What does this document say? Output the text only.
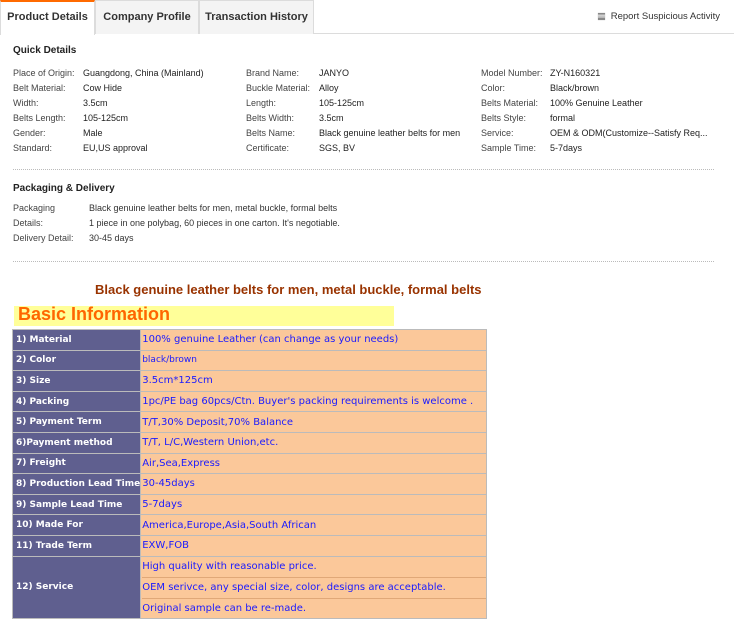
Product Details	Company Profile	Transaction History	Report Suspicious Activity
Quick Details
Place of Origin: Guangdong, China (Mainland)
Belt Material: Cow Hide
Width:	3.5cm
Belts Length: 105-125cm
Gender:	Male
Standard:	EU,US approval
Brand Name: JANYO
Buckle Material: Alloy
Length:	105-125cm
Belts Width:	3.5cm
Belts Name:	Black genuine leather belts for men
Certificate:	SGS, BV
Model Number: ZY-N160321
Color:	Black/brown
Belts Material: 100% Genuine Leather
Belts Style:	formal
Service:	OEM & ODM(Customize--Satisfy Req...
Sample Time: 5-7days
Packaging & Delivery
Packaging	Black genuine leather belts for men, metal buckle, formal belts
Details:	1 piece in one polybag, 60 pieces in one carton. It's negotiable.
Delivery Detail: 30-45 days
Black genuine leather belts for men, metal buckle, formal belts
Basic Information
1) Material	100% genuine Leather (can change as your needs)
2) Color	black/brown
3) Size	3.5cm*125cm
4) Packing	1pc/PE bag 60pcs/Ctn. Buyer's packing requirements is welcome .
5) Payment Term	T/T,30% Deposit,70% Balance
6)Payment method	T/T, L/C,Western Union,etc.
7) Freight	Air,Sea,Express
8) Production Lead Time	30-45days
9) Sample Lead Time	5-7days
10) Made For	America,Europe,Asia,South African
11) Trade Term	EXW,FOB
12) Service	High quality with reasonable price.
OEM serivce, any special size, color, designs are acceptable.
Original sample can be re-made.
